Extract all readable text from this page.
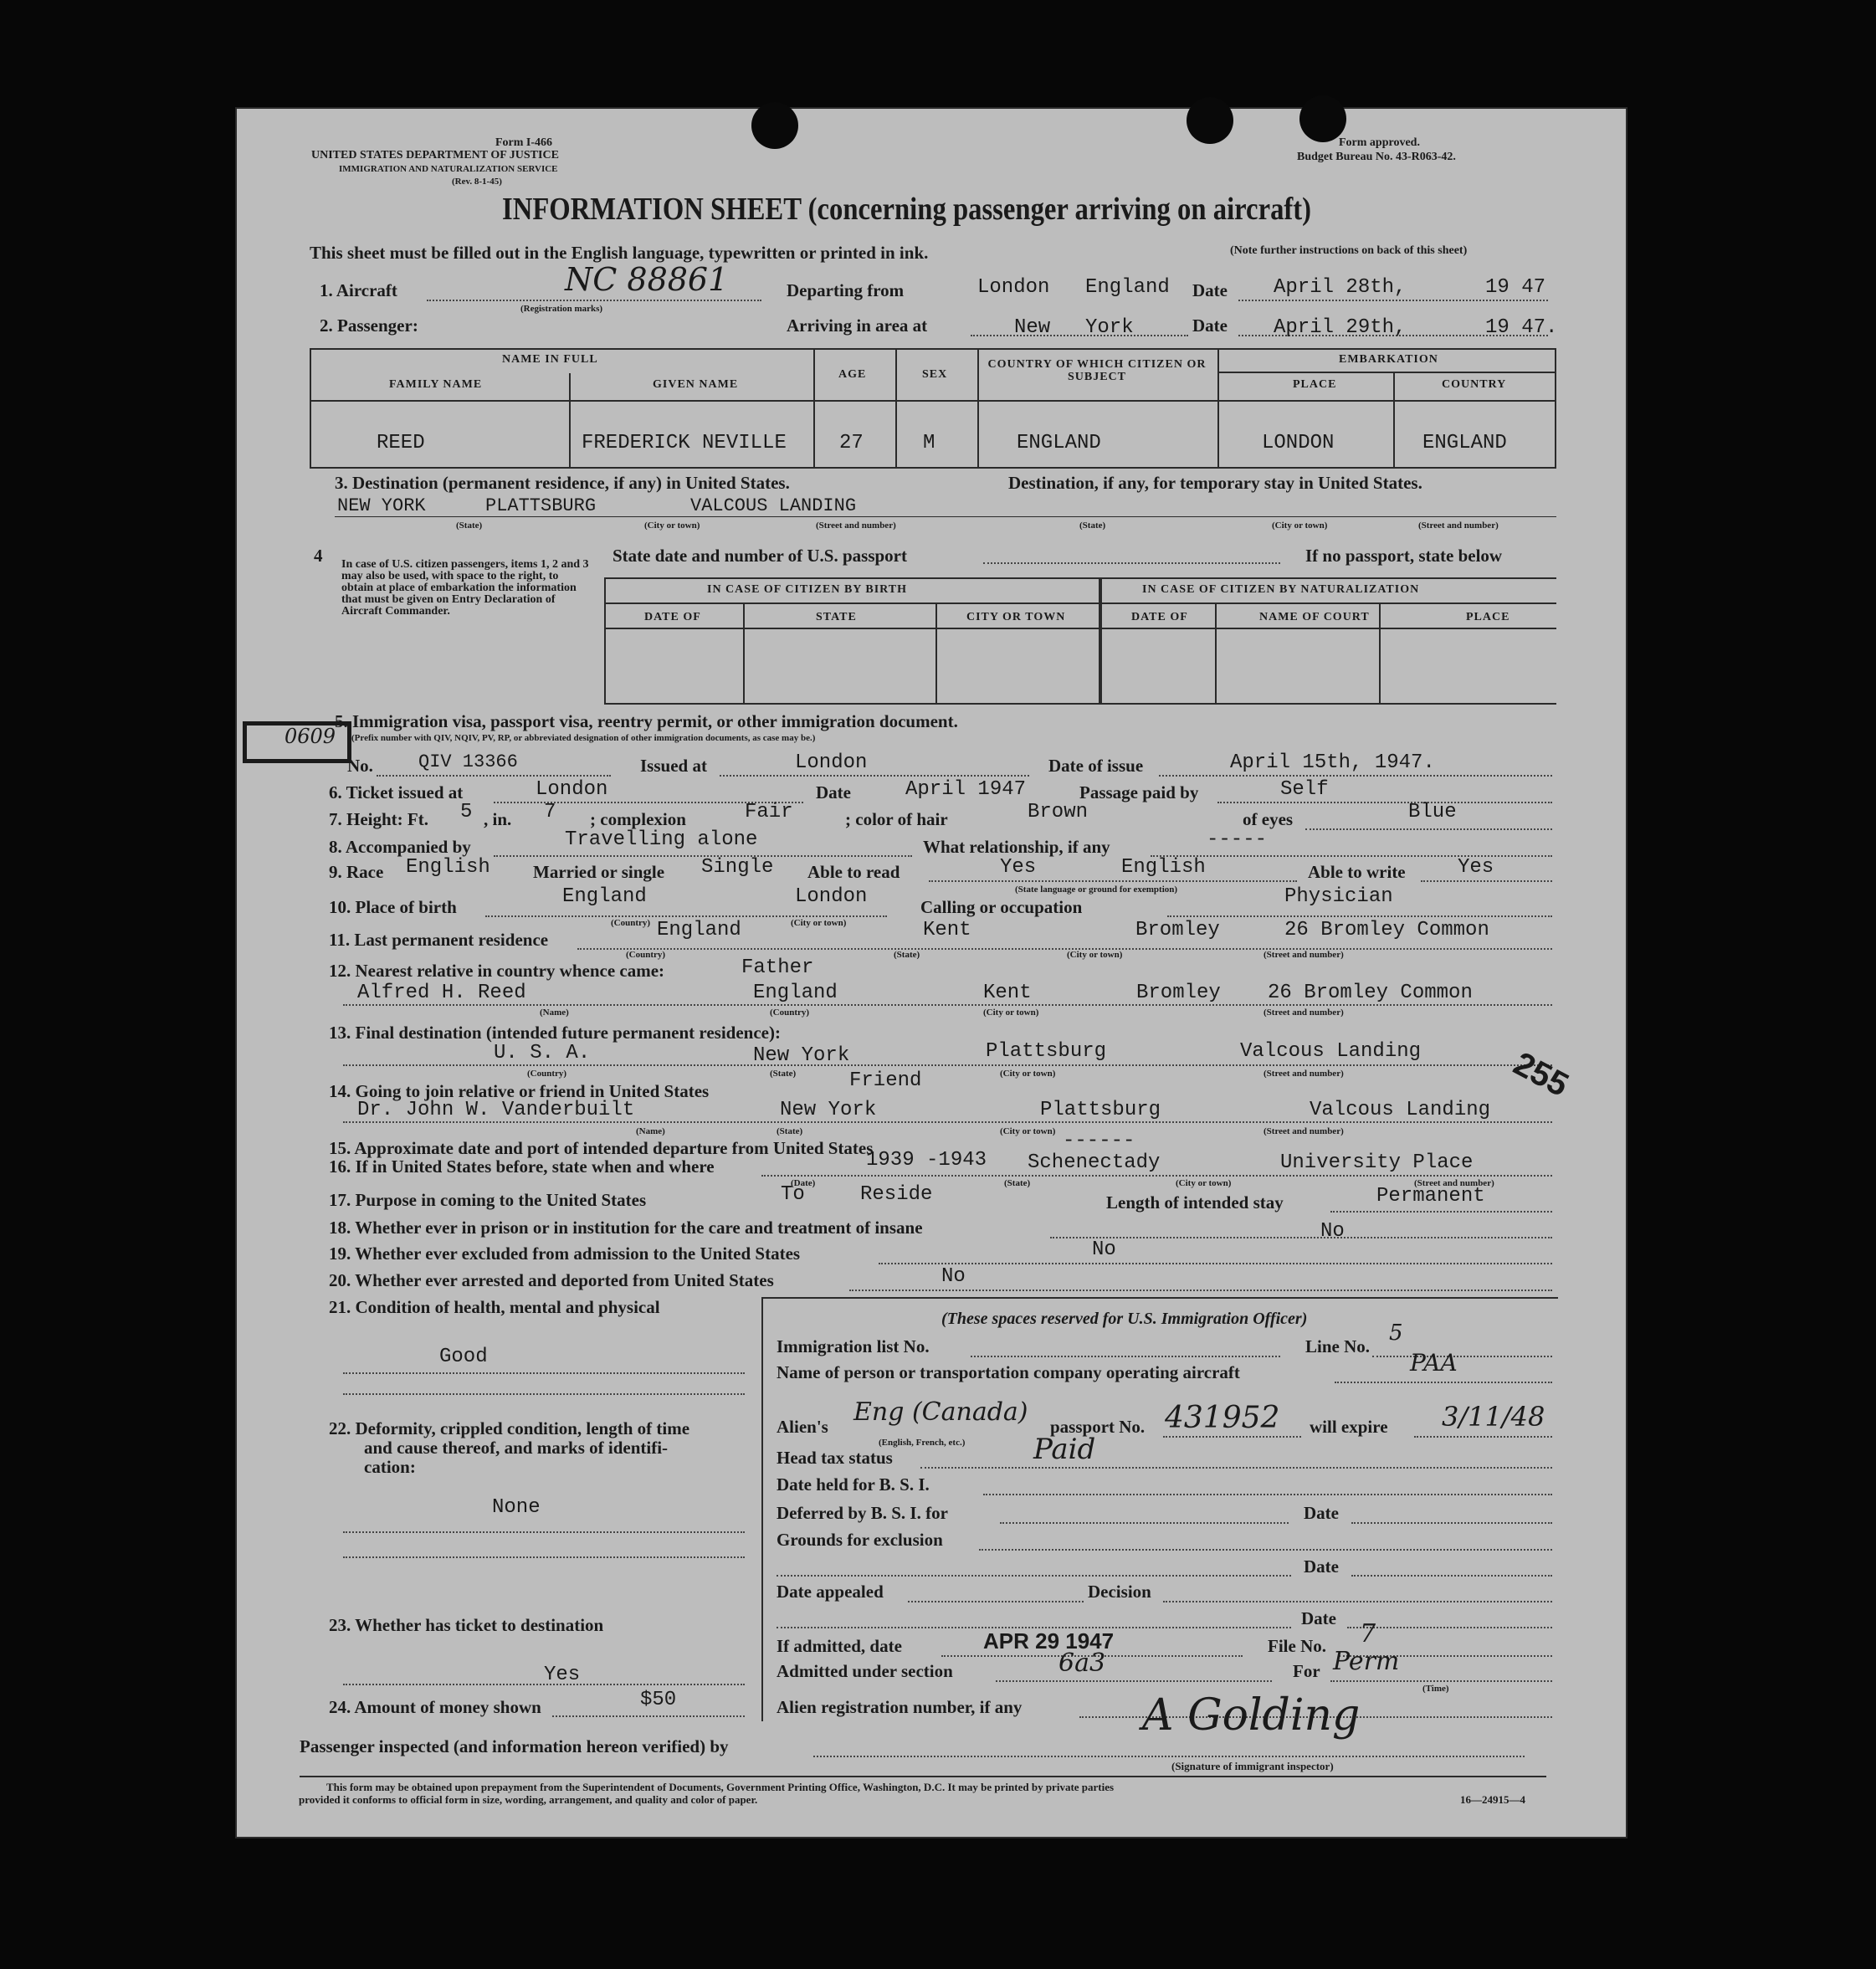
Form I-466
UNITED STATES DEPARTMENT OF JUSTICE
IMMIGRATION AND NATURALIZATION SERVICE
(Rev. 8-1-45)
Form approved.
Budget Bureau No. 43-R063-42.
INFORMATION SHEET (concerning passenger arriving on aircraft)
This sheet must be filled out in the English language, typewritten or printed in ink.	(Note further instructions on back of this sheet)
1. Aircraft	NC 88861
(Registration marks)
Departing from	London England Date April 28th,	19 47
2. Passenger:	Arriving in area at	New York	Date April 29th,	19 47.
NAME IN FULL
FAMILY NAME	GIVEN NAME
AGE	SEX
COUNTRY OF WHICH CITIZEN OR SUBJECT
EMBARKATION
PLACE	COUNTRY
REED	FREDERICK NEVILLE	27	M	ENGLAND	LONDON	ENGLAND
3. Destination (permanent residence, if any) in United States.	Destination, if any, for temporary stay in United States.
NEW YORK	PLATTSBURG	VALCOUS LANDING
(State)	(City or town)	(Street and number)	(State)	(City or town)	(Street and number)
4 In case of U.S. citizen passengers, items 1, 2 and 3 may also be used, with space to the right, to obtain at place of embarkation the information that must be given on Entry Declaration of Aircraft Commander.
State date and number of U.S. passport	If no passport, state below
IN CASE OF CITIZEN BY BIRTH	IN CASE OF CITIZEN BY NATURALIZATION
DATE OF	STATE	CITY OR TOWN	DATE OF	NAME OF COURT	PLACE
0609
5. Immigration visa, passport visa, reentry permit, or other immigration document.
(Prefix number with QIV, NQIV, PV, RP, or abbreviated designation of other immigration documents, as case may be.)
No. QIV 13366	Issued at	London	Date of issue	April 15th, 1947.
6. Ticket issued at	London	Date	April 1947	Passage paid by	Self
7. Height: Ft. 5 , in. 7 ; complexion	Fair	; color of hair	Brown	of eyes	Blue
8. Accompanied by	Travelling alone	What relationship, if any	-----
9. Race English Married or single Single Able to read	Yes	English
(State language or ground for exemption)
Able to write	Yes
10. Place of birth	England	London
(Country)	(City or town)
Calling or occupation	Physician
11. Last permanent residence	England	Kent	Bromley	26 Bromley Common
(Country)	(State)	(City or town)	(Street and number)
12. Nearest relative in country whence came:	Father
Alfred H. Reed	England	Kent	Bromley 26 Bromley Common
(Name)	(Country)	(City or town)	(Street and number)
13. Final destination (intended future permanent residence):
U. S. A.	New York	Plattsburg	Valcous Landing
(Country)	(State)	(City or town)	(Street and number)	255
14. Going to join relative or friend in United States	Friend
Dr. John W. Vanderbuilt	New York	Plattsburg	Valcous Landing
(Name)	(State)	(City or town)	(Street and number)
15. Approximate date and port of intended departure from United States	------
16. If in United States before, state when and where	1939 -1943 Schenectady	University Place
17. Purpose in coming to the United States	To	Reside
(Date)	(State)	(City or town)	(Street and number)
Length of intended stay	Permanent
18. Whether ever in prison or in institution for the care and treatment of insane	No
19. Whether ever excluded from admission to the United States	No
20. Whether ever arrested and deported from United States	No
21. Condition of health, mental and physical
Good
22. Deformity, crippled condition, length of time
and cause thereof, and marks of identifi-
cation:
None
23. Whether has ticket to destination
Yes
24. Amount of money shown	$50
(These spaces reserved for U.S. Immigration Officer)
Immigration list No.	Line No.
5
Name of person or transportation company operating aircraft	PAA
Alien's Eng (Canada)
(English, French, etc.)
passport No. 431952 will expire 3/11/48
Head tax status	Paid
Date held for B. S. I.
Deferred by B. S. I. for	Date
Grounds for exclusion
Date
Date appealed	Decision
Date
If admitted, date	APR 29 1947	File No. 7
Admitted under section	6a3	For Perm
(Time)
Alien registration number, if any
Passenger inspected (and information hereon verified) by
A Golding
(Signature of immigrant inspector)
This form may be obtained upon prepayment from the Superintendent of Documents, Government Printing Office, Washington, D.C. It may be printed by private parties
provided it conforms to official form in size, wording, arrangement, and quality and color of paper.	16—24915—4
